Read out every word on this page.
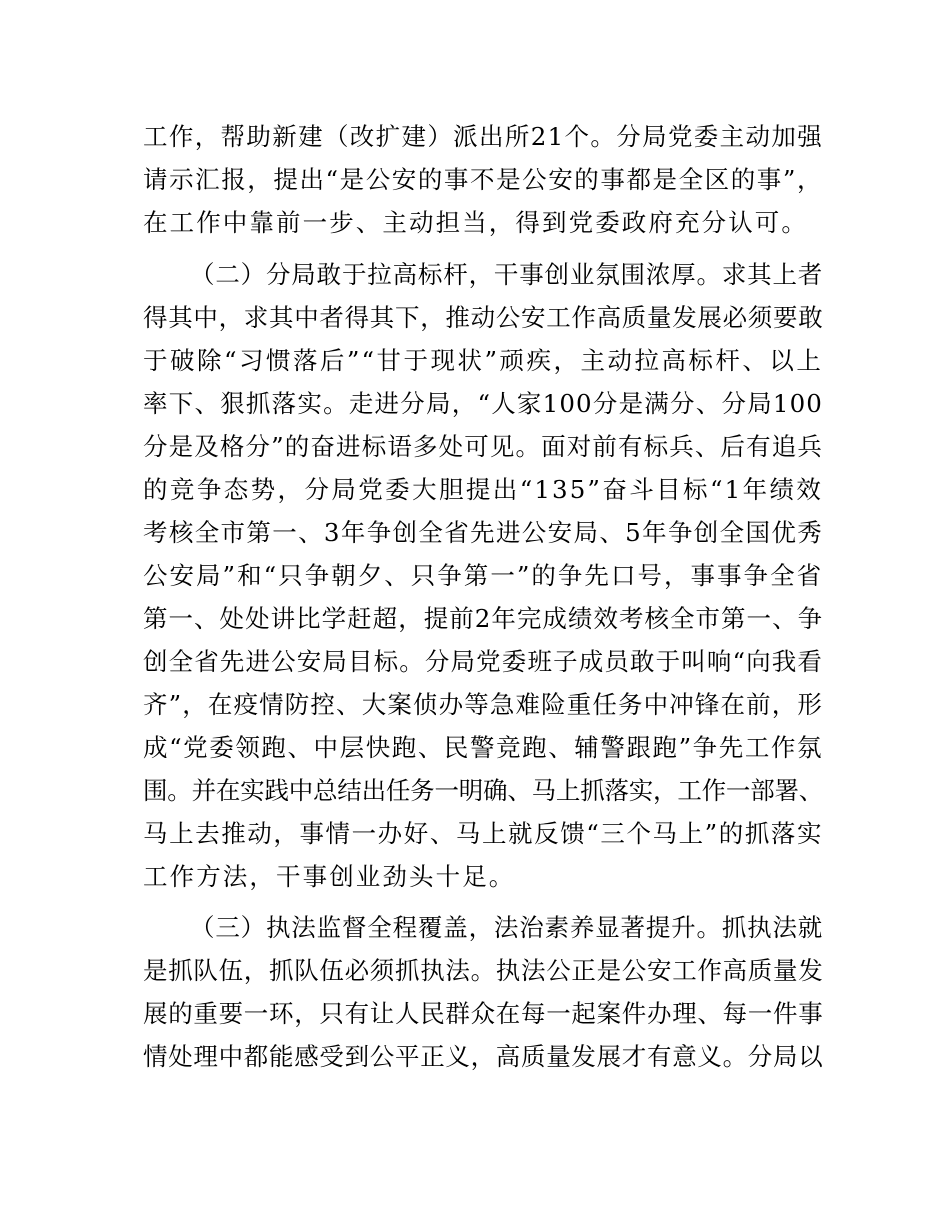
工作，帮助新建（改扩建）派出所21个。分局党委主动加强
请示汇报，提出“是公安的事不是公安的事都是全区的事”，
在工作中靠前一步、主动担当，得到党委政府充分认可。
（二）分局敢于拉高标杆，干事创业氛围浓厚。求其上者
得其中，求其中者得其下，推动公安工作高质量发展必须要敢
于破除“习惯落后”“甘于现状”顽疾，主动拉高标杆、以上
率下、狠抓落实。走进分局，“人家100分是满分、分局100
分是及格分”的奋进标语多处可见。面对前有标兵、后有追兵
的竞争态势，分局党委大胆提出“135”奋斗目标“1年绩效
考核全市第一、3年争创全省先进公安局、5年争创全国优秀
公安局”和“只争朝夕、只争第一”的争先口号，事事争全省
第一、处处讲比学赶超，提前2年完成绩效考核全市第一、争
创全省先进公安局目标。分局党委班子成员敢于叫响“向我看
齐”，在疫情防控、大案侦办等急难险重任务中冲锋在前，形
成“党委领跑、中层快跑、民警竞跑、辅警跟跑”争先工作氛
围。并在实践中总结出任务一明确、马上抓落实，工作一部署、
马上去推动，事情一办好、马上就反馈“三个马上”的抓落实
工作方法，干事创业劲头十足。
（三）执法监督全程覆盖，法治素养显著提升。抓执法就
是抓队伍，抓队伍必须抓执法。执法公正是公安工作高质量发
展的重要一环，只有让人民群众在每一起案件办理、每一件事
情处理中都能感受到公平正义，高质量发展才有意义。分局以
